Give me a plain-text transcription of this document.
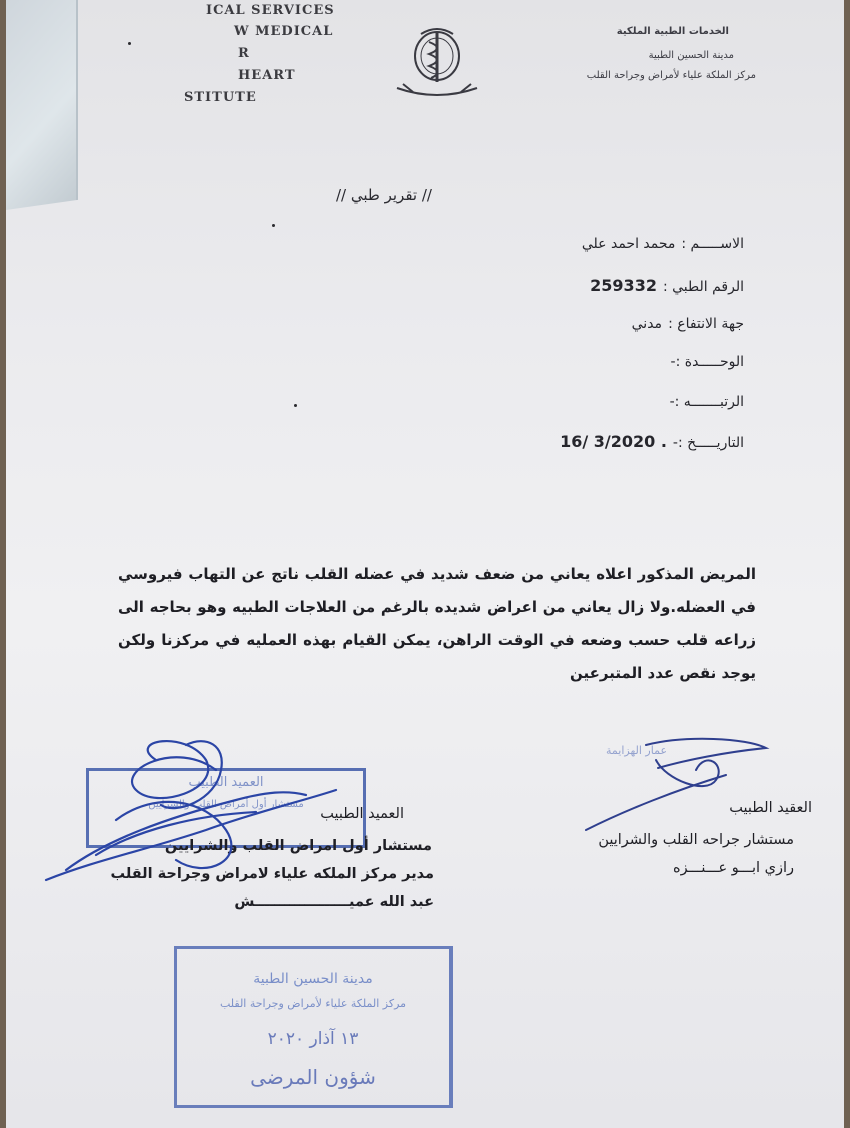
ICAL SERVICES
W MEDICAL
R
HEART
STITUTE
الخدمات الطبية الملكية
مدينة الحسين الطبية
مركز الملكة علياء لأمراض وجراحة القلب
// تقرير طبي //
الاســـــم :محمد احمد علي
الرقم الطبي :259332
جهة الانتفاع :مدني
الوحـــــدة :-
الرتبـــــــه :-
التاريـــــخ :-16/ 3/2020 .
المريض المذكور اعلاه يعاني من ضعف شديد في عضله القلب ناتج عن التهاب فيروسي في العضله.ولا زال يعاني من اعراض شديده بالرغم من العلاجات الطبيه وهو بحاجه الى زراعه قلب حسب وضعه في الوقت الراهن، يمكن القيام بهذه العمليه في مركزنا ولكن يوجد نقص عدد المتبرعين
عمار الهزايمة
العقيد الطبيب
مستشار جراحه القلب والشرايين
رازي ابـــو عـــنـــزه
العميد الطبيب
مستشار أول أمراض القلب والشرايين
العميد الطبيب
مستشار أول امراض القلب والشرايين
مدير مركز الملكه علياء لامراض وجراحة القلب
عبد الله عميـــــــــــــــــــش
مدينة الحسين الطبية
مركز الملكة علياء لأمراض وجراحة القلب
١٣ آذار ٢٠٢٠
شؤون المرضى
